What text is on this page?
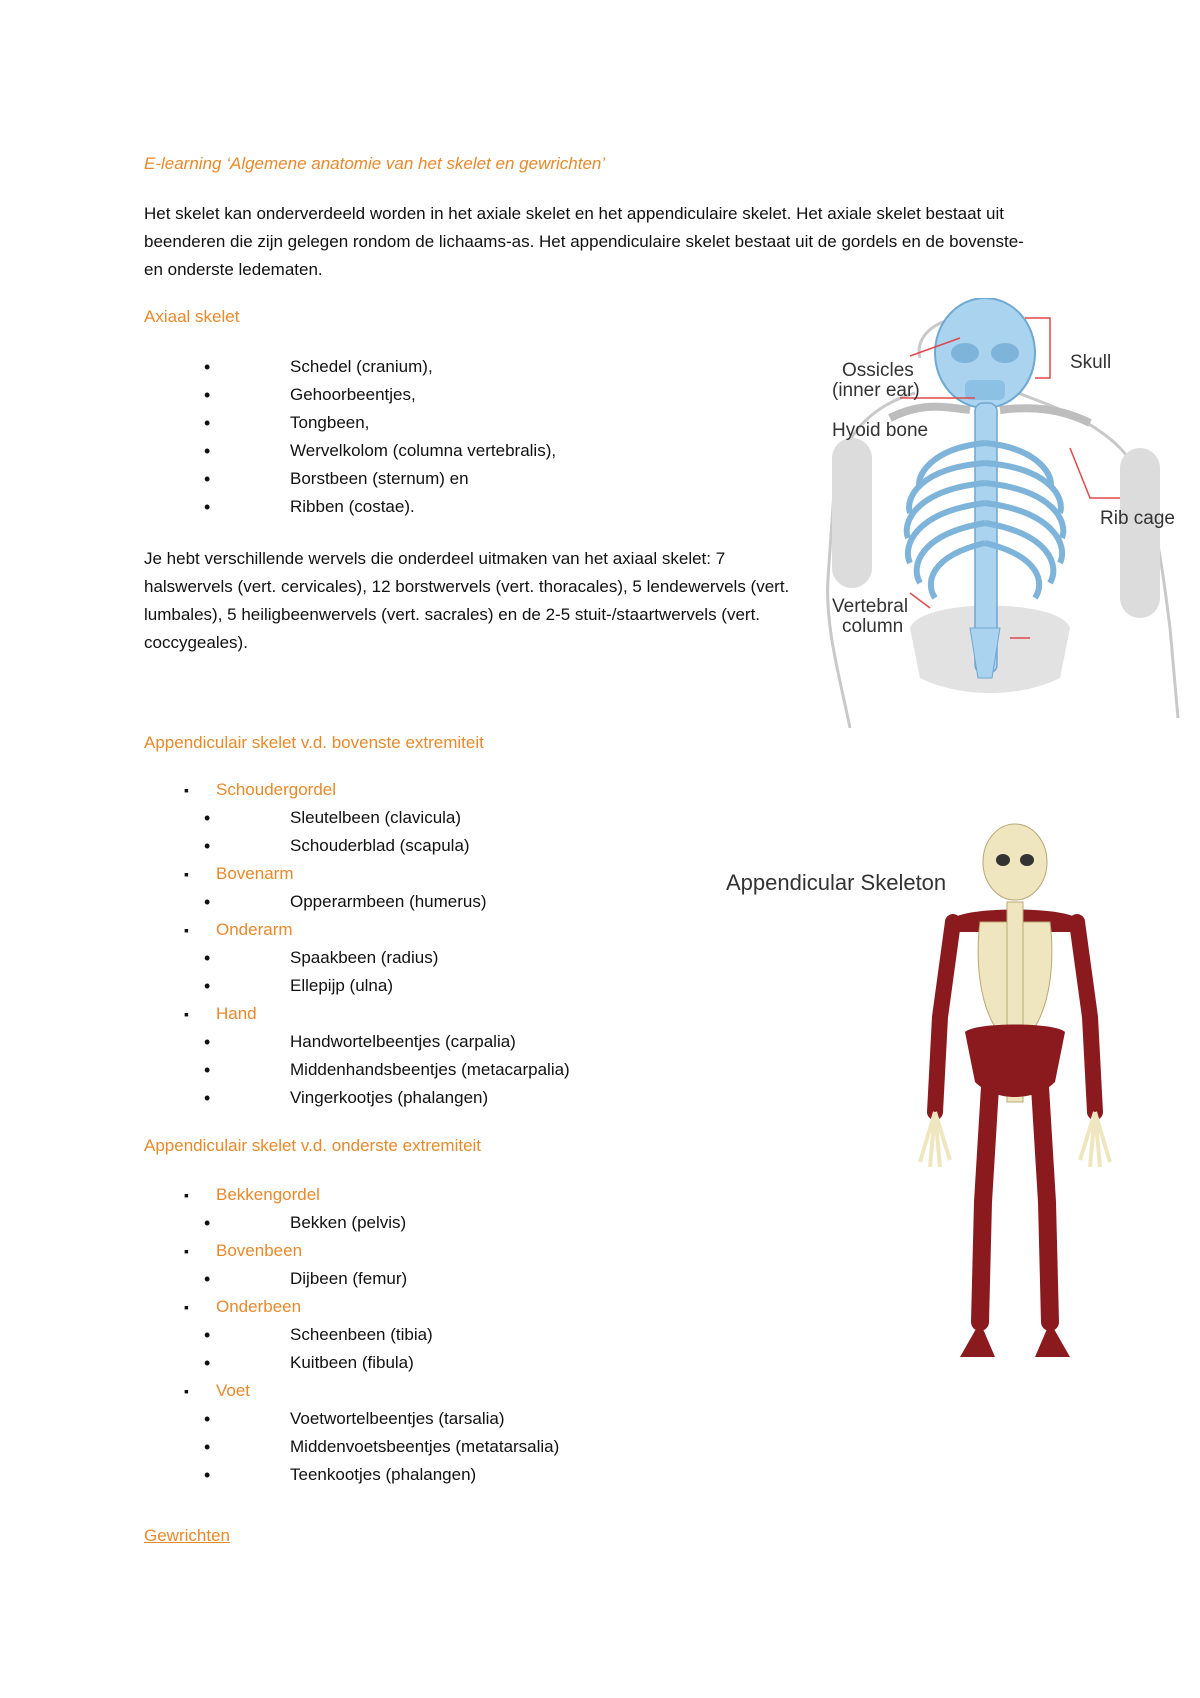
E-learning ‘Algemene anatomie van het skelet en gewrichten’
Het skelet kan onderverdeeld worden in het axiale skelet en het appendiculaire skelet. Het axiale skelet bestaat uit beenderen die zijn gelegen rondom de lichaams-as. Het appendiculaire skelet bestaat uit de gordels en de bovenste- en onderste ledematen.
Axiaal skelet
• Schedel (cranium),
• Gehoorbeentjes,
• Tongbeen,
• Wervelkolom (columna vertebralis),
• Borstbeen (sternum) en
• Ribben (costae).
Je hebt verschillende wervels die onderdeel uitmaken van het axiaal skelet: 7 halswervels (vert. cervicales), 12 borstwervels (vert. thoracales), 5 lendewervels (vert. lumbales), 5 heiligbeenwervels (vert. sacrales) en de 2-5 stuit-/staartwervels (vert. coccygeales).
Appendiculair skelet v.d. bovenste extremiteit
▪ Schoudergordel
• Sleutelbeen (clavicula)
• Schouderblad (scapula)
▪ Bovenarm
• Opperarmbeen (humerus)
▪ Onderarm
• Spaakbeen (radius)
• Ellepijp (ulna)
▪ Hand
• Handwortelbeentjes (carpalia)
• Middenhandsbeentjes (metacarpalia)
• Vingerkootjes (phalangen)
Appendiculair skelet v.d. onderste extremiteit
▪ Bekkengordel
• Bekken (pelvis)
▪ Bovenbeen
• Dijbeen (femur)
▪ Onderbeen
• Scheenbeen (tibia)
• Kuitbeen (fibula)
▪ Voet
• Voetwortelbeentjes (tarsalia)
• Middenvoetsbeentjes (metatarsalia)
• Teenkootjes (phalangen)
Gewrichten
Ossicles
(inner ear)
Skull
Hyoid bone
Rib cage
Vertebral
column
Appendicular Skeleton
